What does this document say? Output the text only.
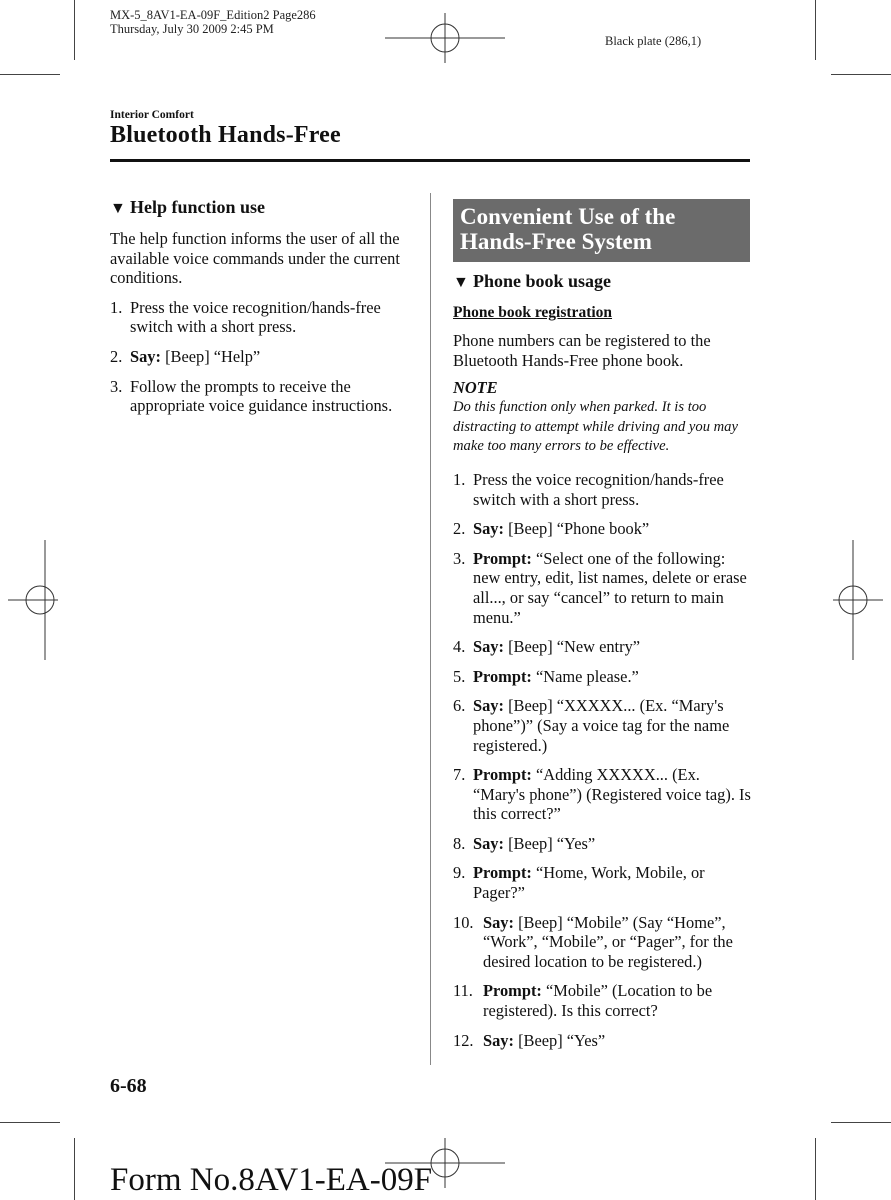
MX-5_8AV1-EA-09F_Edition2 Page286
Thursday, July 30 2009 2:45 PM
Black plate (286,1)
Interior Comfort
Bluetooth Hands-Free
▼ Help function use

The help function informs the user of all the available voice commands under the current conditions.

1. Press the voice recognition/hands-free switch with a short press.
2. Say: [Beep] “Help”
3. Follow the prompts to receive the appropriate voice guidance instructions.
Convenient Use of the Hands-Free System
▼ Phone book usage
Phone book registration

Phone numbers can be registered to the Bluetooth Hands-Free phone book.

NOTE

Do this function only when parked. It is too distracting to attempt while driving and you may make too many errors to be effective.

1. Press the voice recognition/hands-free switch with a short press.
2. Say: [Beep] “Phone book”
3. Prompt: “Select one of the following: new entry, edit, list names, delete or erase all..., or say “cancel” to return to main menu.”
4. Say: [Beep] “New entry”
5. Prompt: “Name please.”
6. Say: [Beep] “XXXXX... (Ex. “Mary's phone”)” (Say a voice tag for the name registered.)
7. Prompt: “Adding XXXXX... (Ex. “Mary's phone”) (Registered voice tag). Is this correct?”
8. Say: [Beep] “Yes”
9. Prompt: “Home, Work, Mobile, or Pager?”
10. Say: [Beep] “Mobile” (Say “Home”, “Work”, “Mobile”, or “Pager”, for the desired location to be registered.)
11. Prompt: “Mobile” (Location to be registered). Is this correct?
12. Say: [Beep] “Yes”
6-68
Form No.8AV1-EA-09F
